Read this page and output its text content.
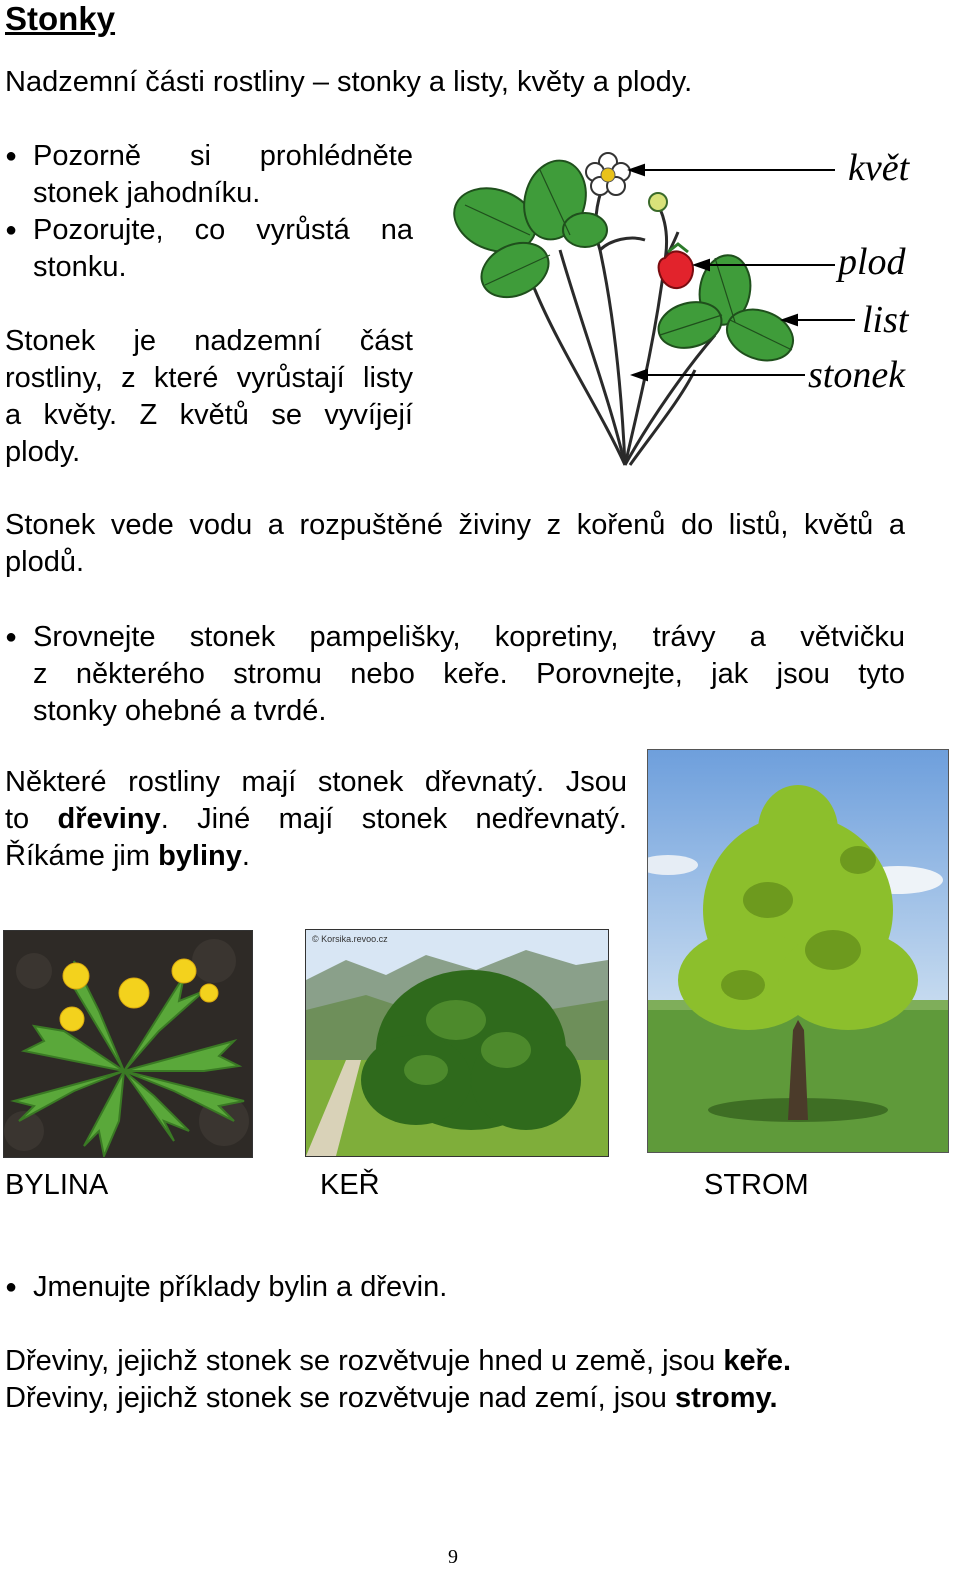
Stonky
Nadzemní části rostliny – stonky a listy, květy a plody.
● Pozorně si prohlédněte
stonek jahodníku.
● Pozorujte, co vyrůstá na
stonku.
Stonek je nadzemní část
rostliny, z které vyrůstají listy
a květy. Z květů se vyvíjejí
plody.
květ
plod
list
stonek
Stonek vede vodu a rozpuštěné živiny z kořenů do listů, květů a
plodů.
● Srovnejte stonek pampelišky, kopretiny, trávy a větvičku
z některého stromu nebo keře. Porovnejte, jak jsou tyto
stonky ohebné a tvrdé.
Některé rostliny mají stonek dřevnatý. Jsou
to dřeviny. Jiné mají stonek nedřevnatý.
Říkáme jim byliny.
© Korsika.revoo.cz
BYLINA	KEŘ	STROM
● Jmenujte příklady bylin a dřevin.
Dřeviny, jejichž stonek se rozvětvuje hned u země, jsou keře.
Dřeviny, jejichž stonek se rozvětvuje nad zemí, jsou stromy.
9
